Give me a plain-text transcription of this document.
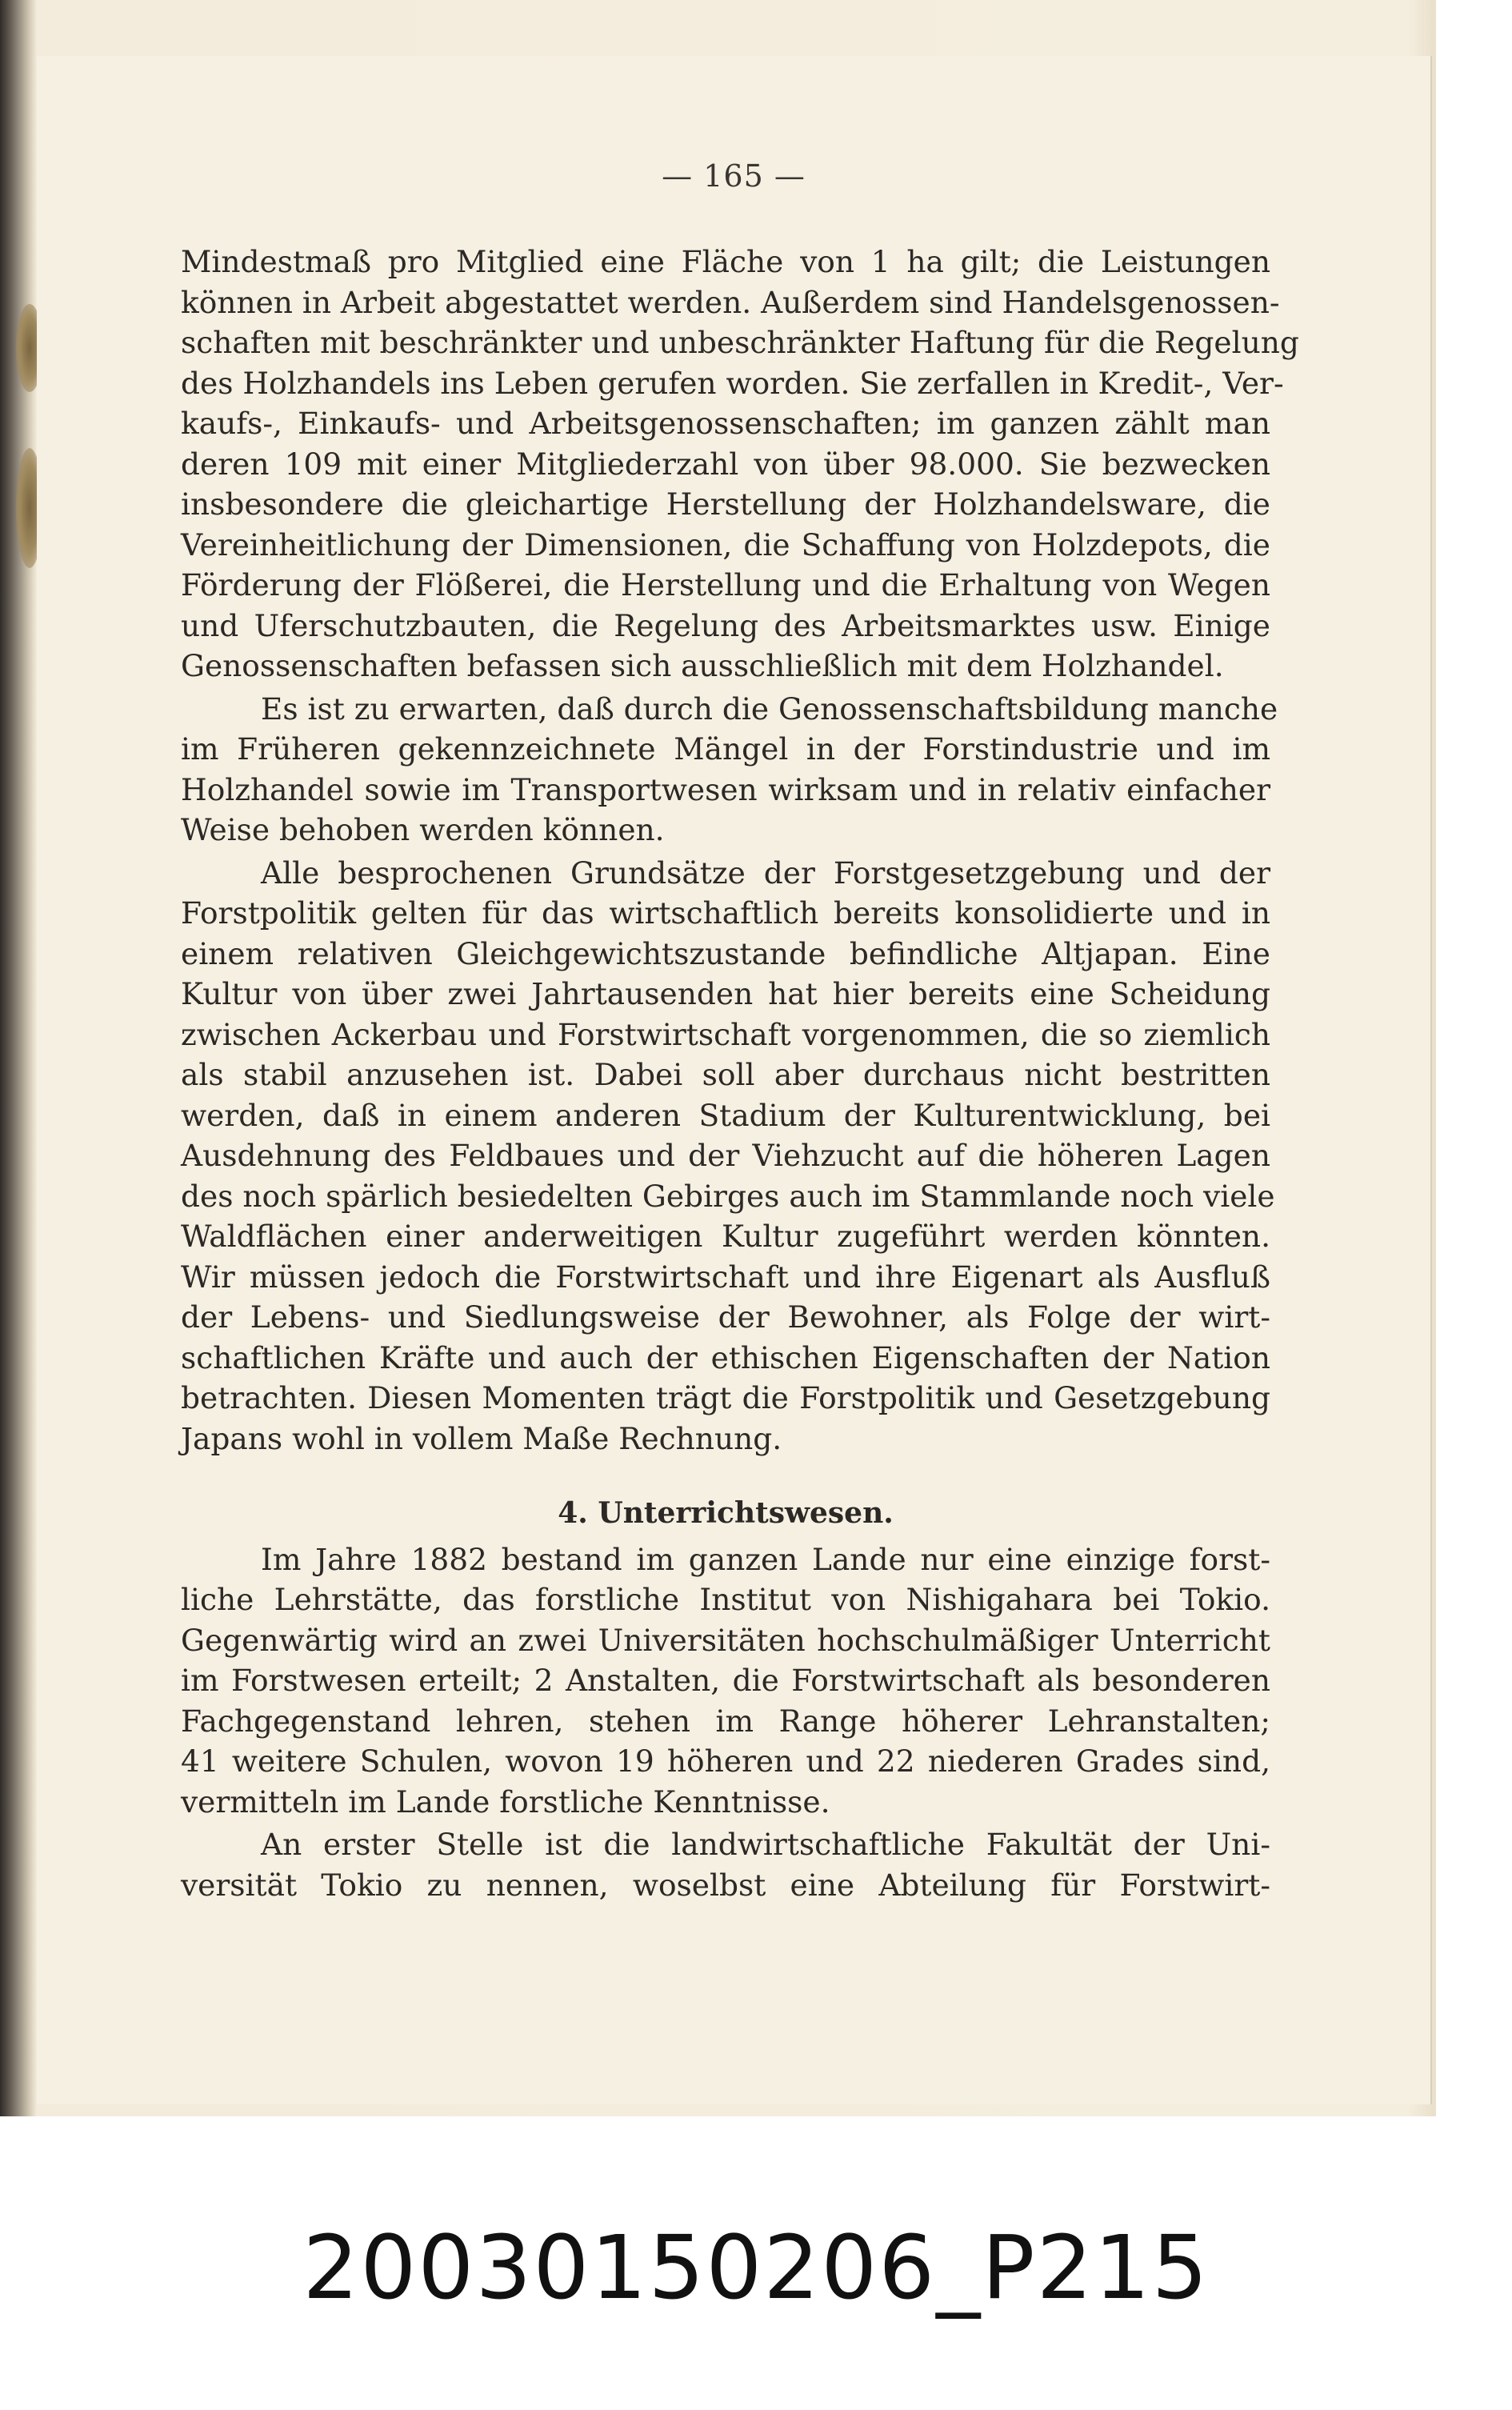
— 165 —
Mindestmaß pro Mitglied eine Fläche von 1 ha gilt; die Leistungen
können in Arbeit abgestattet werden. Außerdem sind Handelsgenossen-
schaften mit beschränkter und unbeschränkter Haftung für die Regelung
des Holzhandels ins Leben gerufen worden. Sie zerfallen in Kredit-, Ver-
kaufs-, Einkaufs- und Arbeitsgenossenschaften; im ganzen zählt man
deren 109 mit einer Mitgliederzahl von über 98.000. Sie bezwecken
insbesondere die gleichartige Herstellung der Holzhandelsware, die
Vereinheitlichung der Dimensionen, die Schaffung von Holzdepots, die
Förderung der Flößerei, die Herstellung und die Erhaltung von Wegen
und Uferschutzbauten, die Regelung des Arbeitsmarktes usw. Einige
Genossenschaften befassen sich ausschließlich mit dem Holzhandel.
Es ist zu erwarten, daß durch die Genossenschaftsbildung manche
im Früheren gekennzeichnete Mängel in der Forstindustrie und im
Holzhandel sowie im Transportwesen wirksam und in relativ einfacher
Weise behoben werden können.
Alle besprochenen Grundsätze der Forstgesetzgebung und der
Forstpolitik gelten für das wirtschaftlich bereits konsolidierte und in
einem relativen Gleichgewichtszustande befindliche Altjapan. Eine
Kultur von über zwei Jahrtausenden hat hier bereits eine Scheidung
zwischen Ackerbau und Forstwirtschaft vorgenommen, die so ziemlich
als stabil anzusehen ist. Dabei soll aber durchaus nicht bestritten
werden, daß in einem anderen Stadium der Kulturentwicklung, bei
Ausdehnung des Feldbaues und der Viehzucht auf die höheren Lagen
des noch spärlich besiedelten Gebirges auch im Stammlande noch viele
Waldflächen einer anderweitigen Kultur zugeführt werden könnten.
Wir müssen jedoch die Forstwirtschaft und ihre Eigenart als Ausfluß
der Lebens- und Siedlungsweise der Bewohner, als Folge der wirt-
schaftlichen Kräfte und auch der ethischen Eigenschaften der Nation
betrachten. Diesen Momenten trägt die Forstpolitik und Gesetzgebung
Japans wohl in vollem Maße Rechnung.
4. Unterrichtswesen.
Im Jahre 1882 bestand im ganzen Lande nur eine einzige forst-
liche Lehrstätte, das forstliche Institut von Nishigahara bei Tokio.
Gegenwärtig wird an zwei Universitäten hochschulmäßiger Unterricht
im Forstwesen erteilt; 2 Anstalten, die Forstwirtschaft als besonderen
Fachgegenstand lehren, stehen im Range höherer Lehranstalten;
41 weitere Schulen, wovon 19 höheren und 22 niederen Grades sind,
vermitteln im Lande forstliche Kenntnisse.
An erster Stelle ist die landwirtschaftliche Fakultät der Uni-
versität Tokio zu nennen, woselbst eine Abteilung für Forstwirt-
20030150206_P215
